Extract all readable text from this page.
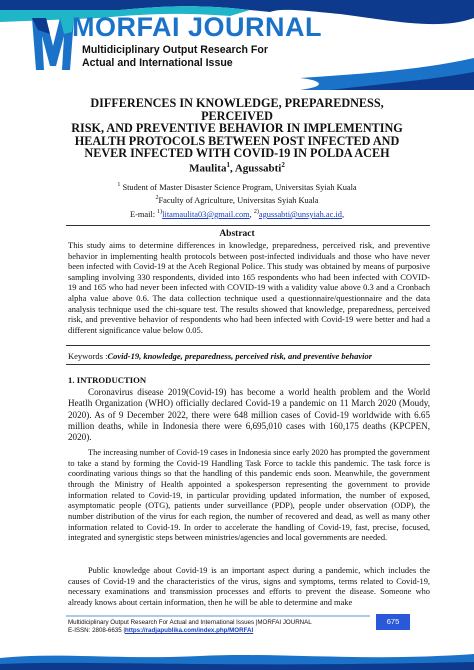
MORFAI JOURNAL
Multidiciplinary Output Research For
Actual and International Issue
DIFFERENCES IN KNOWLEDGE, PREPAREDNESS, PERCEIVED
RISK, AND PREVENTIVE BEHAVIOR IN IMPLEMENTING
HEALTH PROTOCOLS BETWEEN POST INFECTED AND
NEVER INFECTED WITH COVID-19 IN POLDA ACEH
Maulita$^1$, Agussabti$^2$
$^1$ Student of Master Disaster Science Program, Universitas Syiah Kuala
$^2$Faculty of Agriculture, Universitas Syiah Kuala
E-mail: $^{1)}$litamaulita03@gmail.com, $^{2)}$agussabti@unsyiah.ac.id,
Abstract
This study aims to determine differences in knowledge, preparedness, perceived risk, and preventive behavior in implementing health protocols between post-infected individuals and those who have never been infected with Covid-19 at the Aceh Regional Police. This study was obtained by means of purposive sampling involving 330 respondents, divided into 165 respondents who had been infected with COVID-19 and 165 who had never been infected with COVID-19 with a validity value above 0.3 and a Cronbach alpha value above 0.6. The data collection technique used a questionnaire/questionnaire and the data analysis technique used the chi-square test. The results showed that knowledge, preparedness, perceived risk, and preventive behavior of respondents who had been infected with Covid-19 were better and had a different significance value below 0.05.
Keywords :Covid-19, knowledge, preparedness, perceived risk, and preventive behavior
1. INTRODUCTION
Coronavirus disease 2019(Covid-19) has become a world health problem and the World Heatlh Organization (WHO) officially declared Covid-19 a pandemic on 11 March 2020 (Moudy, 2020). As of 9 December 2022, there were 648 million cases of Covid-19 worldwide with 6.65 million deaths, while in Indonesia there were 6,695,010 cases with 160,175 deaths (KPCPEN, 2020).
The increasing number of Covid-19 cases in Indonesia since early 2020 has prompted the government to take a stand by forming the Covid-19 Handling Task Force to tackle this pandemic. The task force is coordinating various things so that the handling of this pandemic ends soon. Meanwhile, the government through the Ministry of Health appointed a spokesperson representing the government to provide information related to Covid-19, in particular providing updated information, the number of exposed, asymptomatic people (OTG), patients under surveillance (PDP), people under observation (ODP), the number distribution of the virus for each region, the number of recovered and dead, as well as many other information related to Covid-19. In order to accelerate the handling of Covid-19, fast, precise, focused, integrated and synergistic steps between ministries/agencies and local governments are needed.
Public knowledge about Covid-19 is an important aspect during a pandemic, which includes the causes of Covid-19 and the characteristics of the virus, signs and symptoms, terms related to Covid-19, necessary examinations and transmission processes and efforts to prevent the disease. Someone who already knows about certain information, then he will be able to determine and make
Multidiciplinary Output Research For Actual and International Issues |MORFAI JOURNAL
E-ISSN: 2808-6635 |https://radjapublika.com/index.php/MORFAI
675
